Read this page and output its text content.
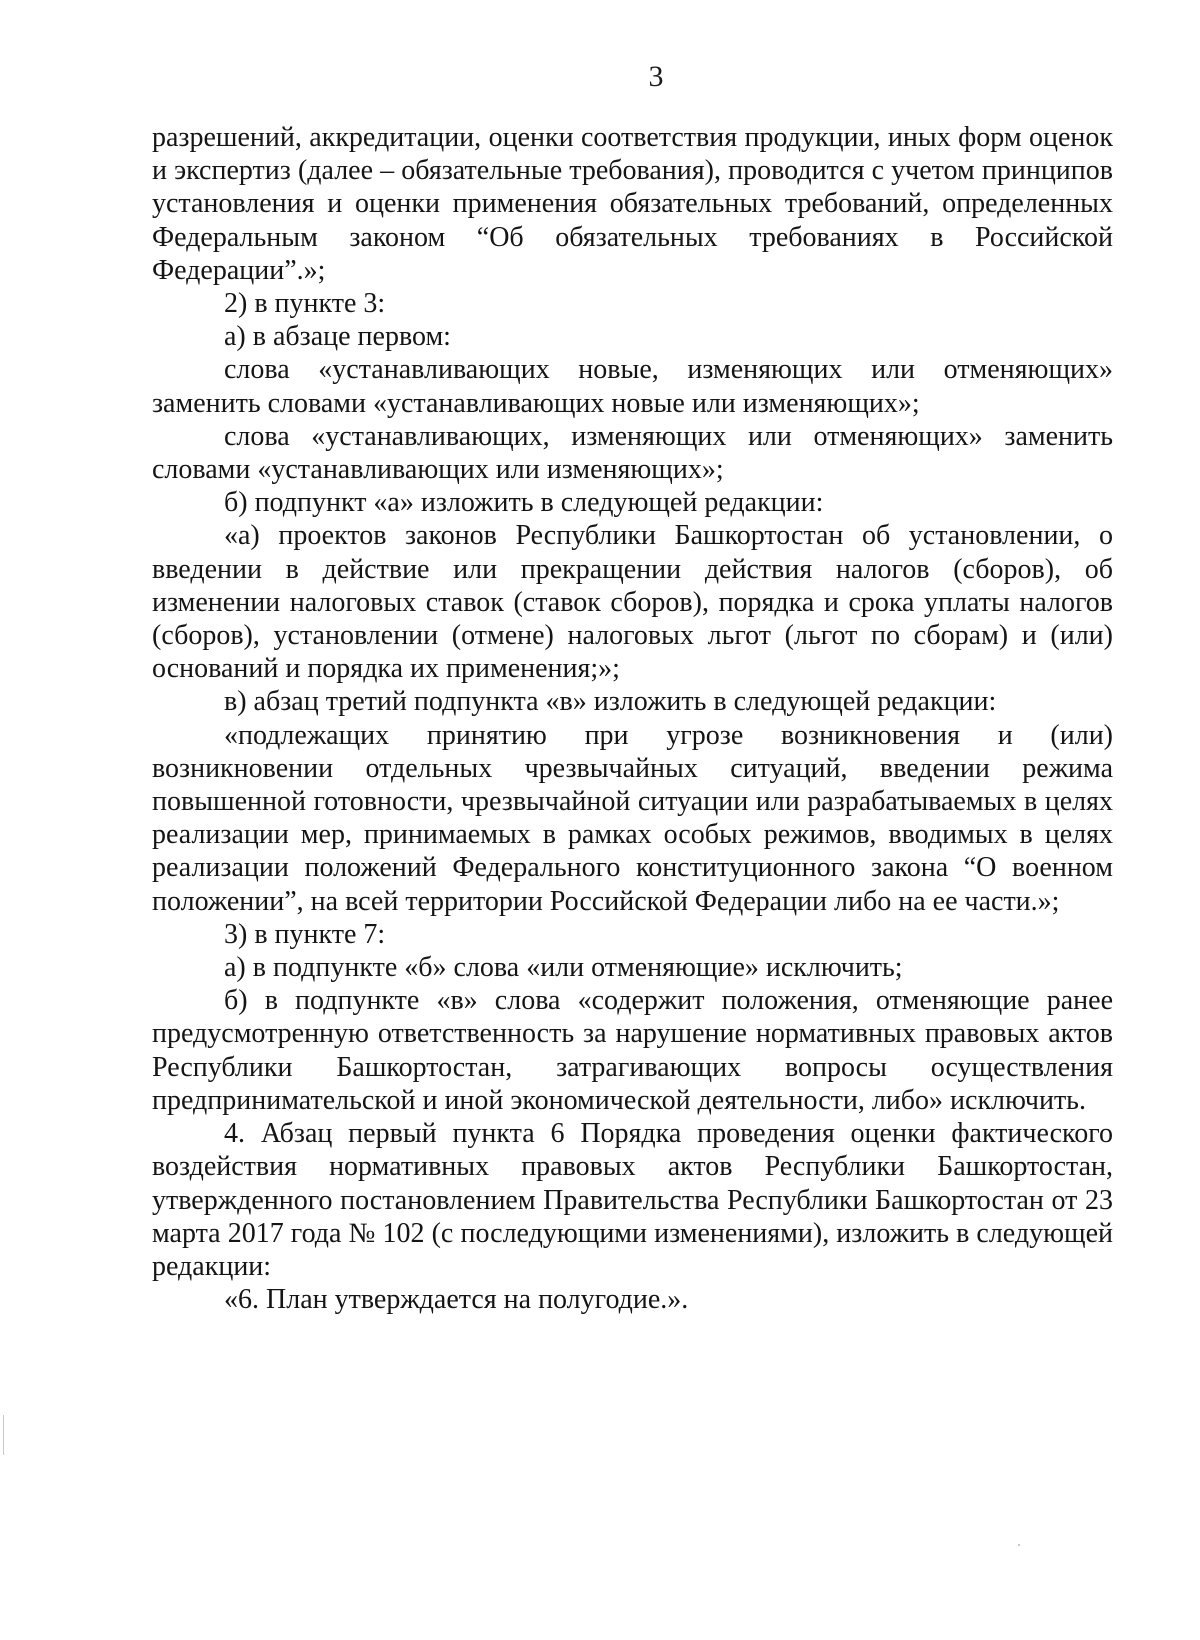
3

разрешений, аккредитации, оценки соответствия продукции, иных форм оценок и экспертиз (далее – обязательные требования), проводится с учетом принципов установления и оценки применения обязательных требований, определенных Федеральным законом “Об обязательных требованиях в Российской Федерации”.»;

2) в пункте 3:

а) в абзаце первом:

слова «устанавливающих новые, изменяющих или отменяющих» заменить словами «устанавливающих новые или изменяющих»;

слова «устанавливающих, изменяющих или отменяющих» заменить словами «устанавливающих или изменяющих»;

б) подпункт «а» изложить в следующей редакции:

«а) проектов законов Республики Башкортостан об установлении, о введении в действие или прекращении действия налогов (сборов), об изменении налоговых ставок (ставок сборов), порядка и срока уплаты налогов (сборов), установлении (отмене) налоговых льгот (льгот по сборам) и (или) оснований и порядка их применения;»;

в) абзац третий подпункта «в» изложить в следующей редакции:

«подлежащих принятию при угрозе возникновения и (или) возникновении отдельных чрезвычайных ситуаций, введении режима повышенной готовности, чрезвычайной ситуации или разрабатываемых в целях реализации мер, принимаемых в рамках особых режимов, вводимых в целях реализации положений Федерального конституционного закона “О военном положении”, на всей территории Российской Федерации либо на ее части.»;

3) в пункте 7:

а) в подпункте «б» слова «или отменяющие» исключить;

б) в подпункте «в» слова «содержит положения, отменяющие ранее предусмотренную ответственность за нарушение нормативных правовых актов Республики Башкортостан, затрагивающих вопросы осуществления предпринимательской и иной экономической деятельности, либо» исключить.

4. Абзац первый пункта 6 Порядка проведения оценки фактического воздействия нормативных правовых актов Республики Башкортостан, утвержденного постановлением Правительства Республики Башкортостан от 23 марта 2017 года № 102 (с последующими изменениями), изложить в следующей редакции:

«6. План утверждается на полугодие.».
